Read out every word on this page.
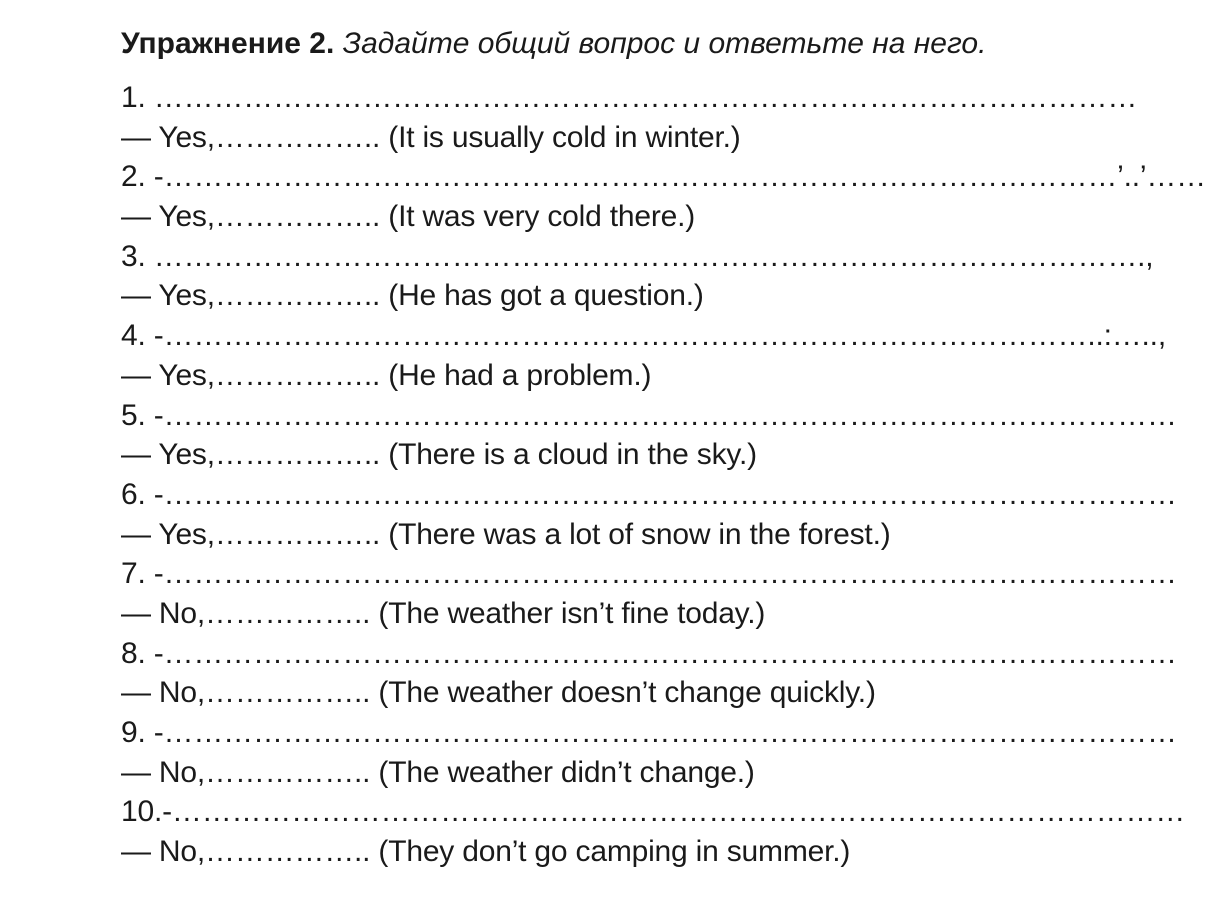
Упражнение 2. Задайте общий вопрос и ответьте на него.
1. ………………………………………………………………………………………
— Yes,…………….. (It is usually cold in winter.)
2. -……………………………………………………………………………………’..’……
— Yes,…………….. (It was very cold there.)
3. ……………………………………………………………………………………….,
— Yes,…………….. (He has got a question.)
4. -…………………………………………………………………………………..:…..,
— Yes,…………….. (He had a problem.)
5. -…………………………………………………………………………………………
— Yes,…………….. (There is a cloud in the sky.)
6. -…………………………………………………………………………………………
— Yes,…………….. (There was a lot of snow in the forest.)
7. -…………………………………………………………………………………………
— No,…………….. (The weather isn’t fine today.)
8. -…………………………………………………………………………………………
— No,…………….. (The weather doesn’t change quickly.)
9. -…………………………………………………………………………………………
— No,…………….. (The weather didn’t change.)
10.-…………………………………………………………………………………………
— No,…………….. (They don’t go camping in summer.)
